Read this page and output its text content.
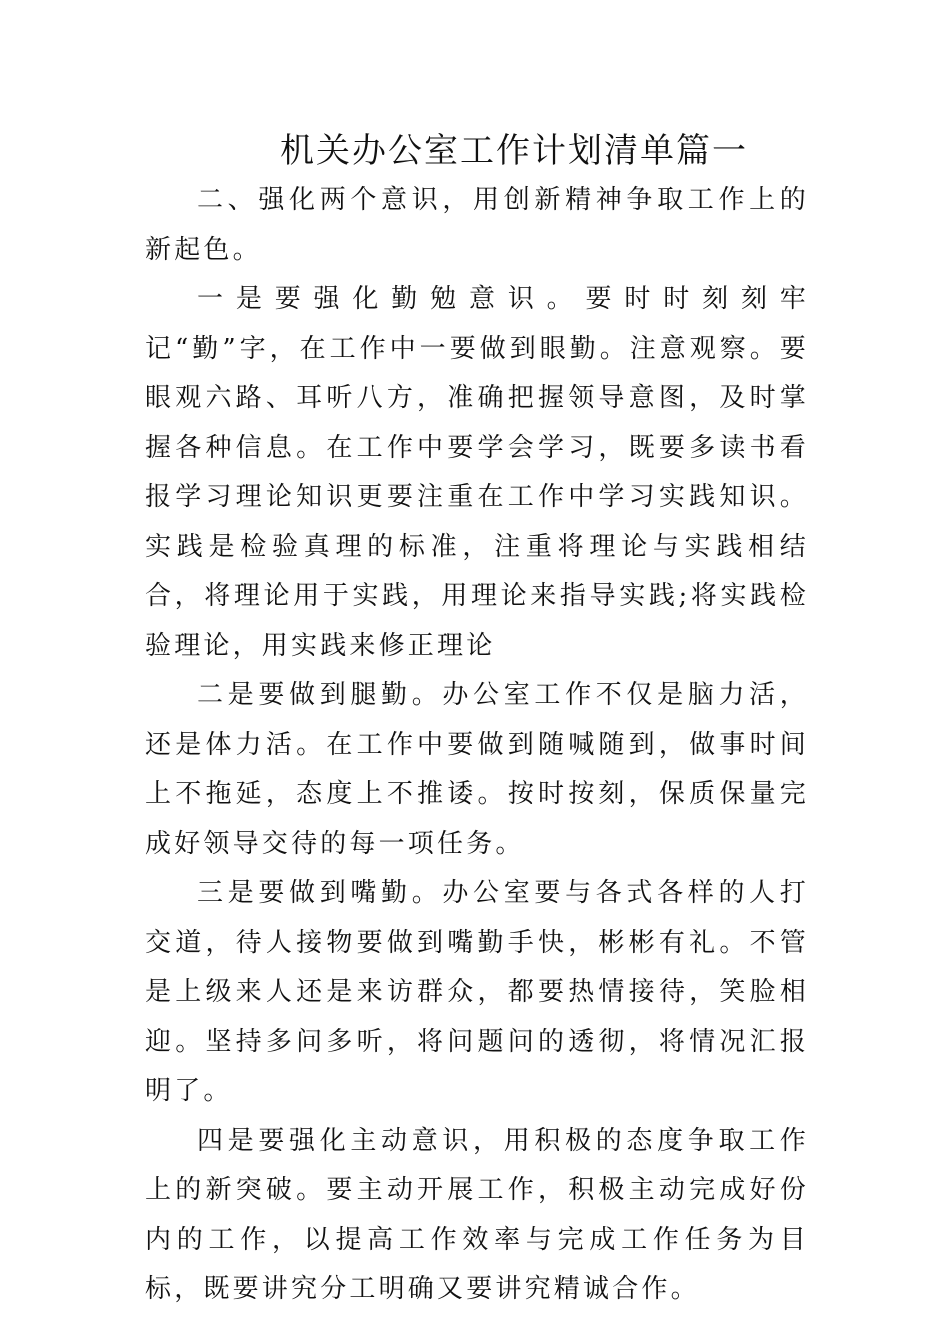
机关办公室工作计划清单篇一

二、强化两个意识，用创新精神争取工作上的新起色。

一是要强化勤勉意识。要时时刻刻牢记“勤”字，在工作中一要做到眼勤。注意观察。要眼观六路、耳听八方，准确把握领导意图，及时掌握各种信息。在工作中要学会学习，既要多读书看报学习理论知识更要注重在工作中学习实践知识。实践是检验真理的标准，注重将理论与实践相结合，将理论用于实践，用理论来指导实践;将实践检验理论，用实践来修正理论

二是要做到腿勤。办公室工作不仅是脑力活，还是体力活。在工作中要做到随喊随到，做事时间上不拖延，态度上不推诿。按时按刻，保质保量完成好领导交待的每一项任务。

三是要做到嘴勤。办公室要与各式各样的人打交道，待人接物要做到嘴勤手快，彬彬有礼。不管是上级来人还是来访群众，都要热情接待，笑脸相迎。坚持多问多听，将问题问的透彻，将情况汇报明了。

四是要强化主动意识，用积极的态度争取工作上的新突破。要主动开展工作，积极主动完成好份内的工作，以提高工作效率与完成工作任务为目标，既要讲究分工明确又要讲究精诚合作。
